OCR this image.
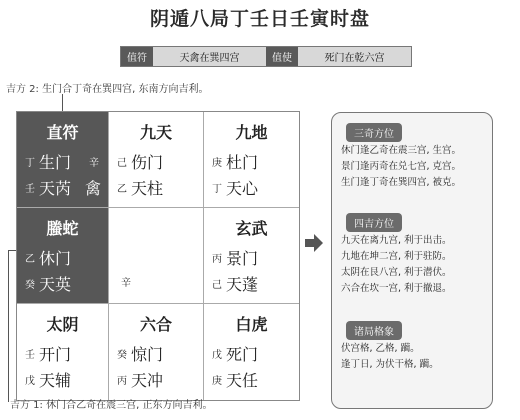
阴遁八局丁壬日壬寅时盘
值符	天禽在巽四宫	值使	死门在乾六宫
吉方 2: 生门合丁奇在巽四宫, 东南方向吉利。
直符
丁 生门 辛
壬 天芮 禽
九天
己 伤门
乙 天柱
九地
庚 杜门
丁 天心
螣蛇
乙 休门
癸 天英	辛
玄武
丙 景门
己 天蓬
太阴
壬 开门
戊 天辅
六合
癸 惊门
丙 天冲
白虎
戊 死门
庚 天任
吉方 1: 休门合乙奇在震三宫, 正东方向吉利。
三奇方位
休门逢乙奇在震三宫, 生宫。
景门逢丙奇在兑七宫, 克宫。
生门逢丁奇在巽四宫, 被克。
四吉方位
九天在离九宫, 利于出击。
九地在坤二宫, 利于驻防。
太阴在艮八宫, 利于潜伏。
六合在坎一宫, 利于撤退。
诸局格象
伏宫格, 乙格, 躏。
逢丁日, 为伏干格, 躏。
